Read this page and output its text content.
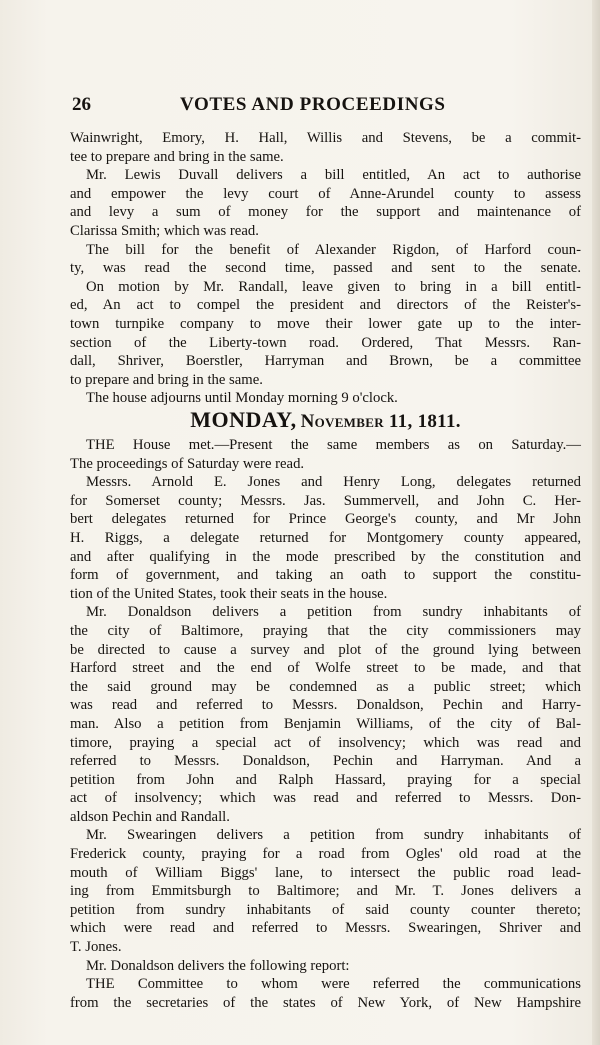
26	VOTES AND PROCEEDINGS
Wainwright, Emory, H. Hall, Willis and Stevens, be a commit-
tee to prepare and bring in the same.
Mr. Lewis Duvall delivers a bill entitled, An act to authorise
and empower the levy court of Anne-Arundel county to assess
and levy a sum of money for the support and maintenance of
Clarissa Smith; which was read.
The bill for the benefit of Alexander Rigdon, of Harford coun-
ty, was read the second time, passed and sent to the senate.
On motion by Mr. Randall, leave given to bring in a bill entitl-
ed, An act to compel the president and directors of the Reister's-
town turnpike company to move their lower gate up to the inter-
section of the Liberty-town road. Ordered, That Messrs. Ran-
dall, Shriver, Boerstler, Harryman and Brown, be a committee
to prepare and bring in the same.
The house adjourns until Monday morning 9 o'clock.
MONDAY, November 11, 1811.
THE House met.—Present the same members as on Saturday.—
The proceedings of Saturday were read.
Messrs. Arnold E. Jones and Henry Long, delegates returned
for Somerset county; Messrs. Jas. Summervell, and John C. Her-
bert delegates returned for Prince George's county, and Mr John
H. Riggs, a delegate returned for Montgomery county appeared,
and after qualifying in the mode prescribed by the constitution and
form of government, and taking an oath to support the constitu-
tion of the United States, took their seats in the house.
Mr. Donaldson delivers a petition from sundry inhabitants of
the city of Baltimore, praying that the city commissioners may
be directed to cause a survey and plot of the ground lying between
Harford street and the end of Wolfe street to be made, and that
the said ground may be condemned as a public street; which
was read and referred to Messrs. Donaldson, Pechin and Harry-
man. Also a petition from Benjamin Williams, of the city of Bal-
timore, praying a special act of insolvency; which was read and
referred to Messrs. Donaldson, Pechin and Harryman. And a
petition from John and Ralph Hassard, praying for a special
act of insolvency; which was read and referred to Messrs. Don-
aldson Pechin and Randall.
Mr. Swearingen delivers a petition from sundry inhabitants of
Frederick county, praying for a road from Ogles' old road at the
mouth of William Biggs' lane, to intersect the public road lead-
ing from Emmitsburgh to Baltimore; and Mr. T. Jones delivers a
petition from sundry inhabitants of said county counter thereto;
which were read and referred to Messrs. Swearingen, Shriver and
T. Jones.
Mr. Donaldson delivers the following report:
THE Committee to whom were referred the communications
from the secretaries of the states of New York, of New Hampshire
